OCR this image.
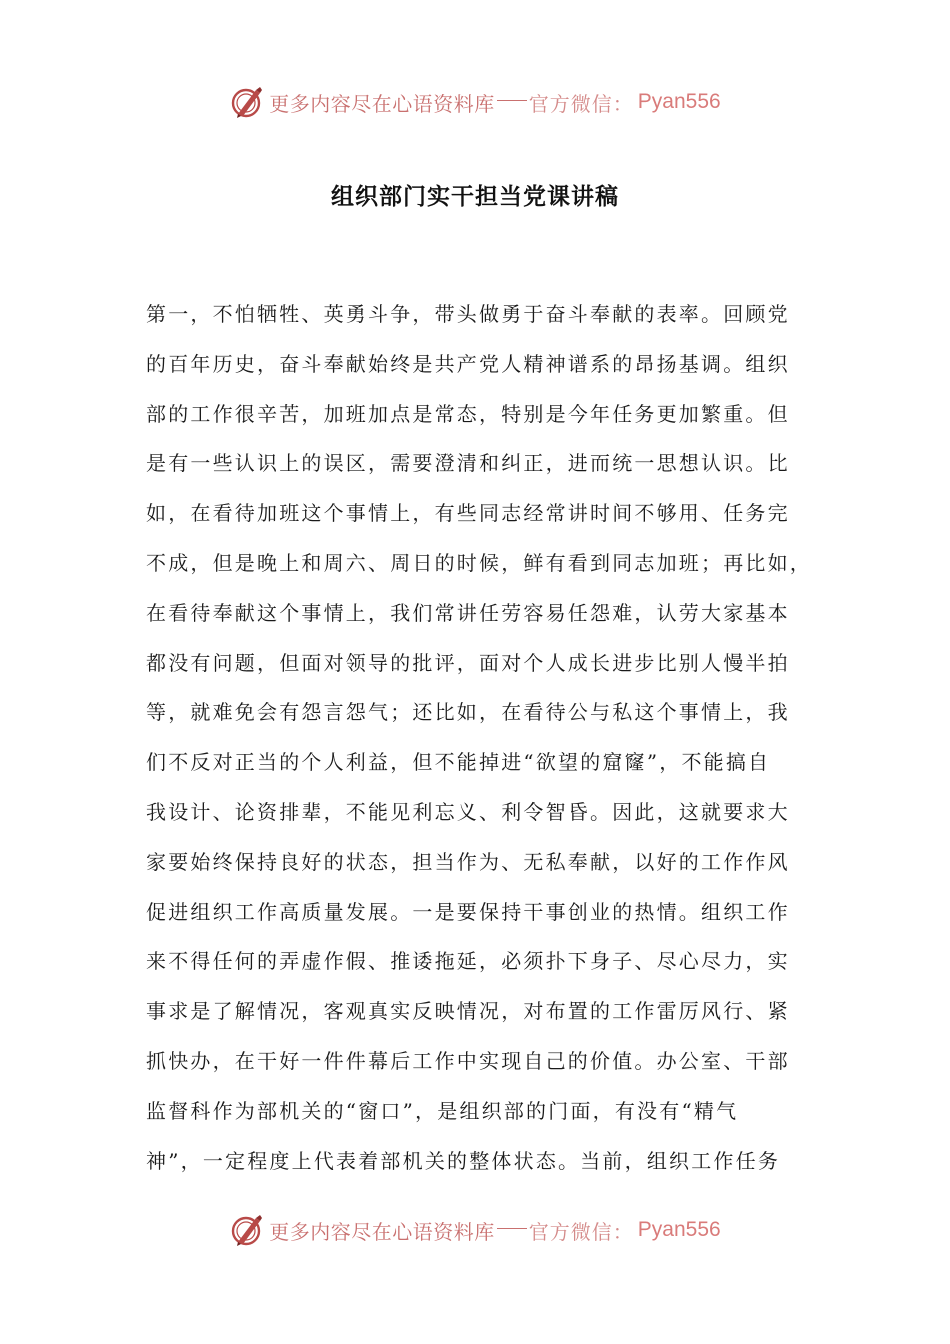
更多内容尽在心语资料库 官方微信： Pyan556
组织部门实干担当党课讲稿
第一，不怕牺牲、英勇斗争，带头做勇于奋斗奉献的表率。回顾党
的百年历史，奋斗奉献始终是共产党人精神谱系的昂扬基调。组织
部的工作很辛苦，加班加点是常态，特别是今年任务更加繁重。但
是有一些认识上的误区，需要澄清和纠正，进而统一思想认识。比
如，在看待加班这个事情上，有些同志经常讲时间不够用、任务完
不成，但是晚上和周六、周日的时候，鲜有看到同志加班；再比如，
在看待奉献这个事情上，我们常讲任劳容易任怨难，认劳大家基本
都没有问题，但面对领导的批评，面对个人成长进步比别人慢半拍
等，就难免会有怨言怨气；还比如，在看待公与私这个事情上，我
们不反对正当的个人利益，但不能掉进“欲望的窟窿”，不能搞自
我设计、论资排辈，不能见利忘义、利令智昏。因此，这就要求大
家要始终保持良好的状态，担当作为、无私奉献，以好的工作作风
促进组织工作高质量发展。一是要保持干事创业的热情。组织工作
来不得任何的弄虚作假、推诿拖延，必须扑下身子、尽心尽力，实
事求是了解情况，客观真实反映情况，对布置的工作雷厉风行、紧
抓快办，在干好一件件幕后工作中实现自己的价值。办公室、干部
监督科作为部机关的“窗口”，是组织部的门面，有没有“精气
神”，一定程度上代表着部机关的整体状态。当前，组织工作任务
更多内容尽在心语资料库 官方微信： Pyan556
